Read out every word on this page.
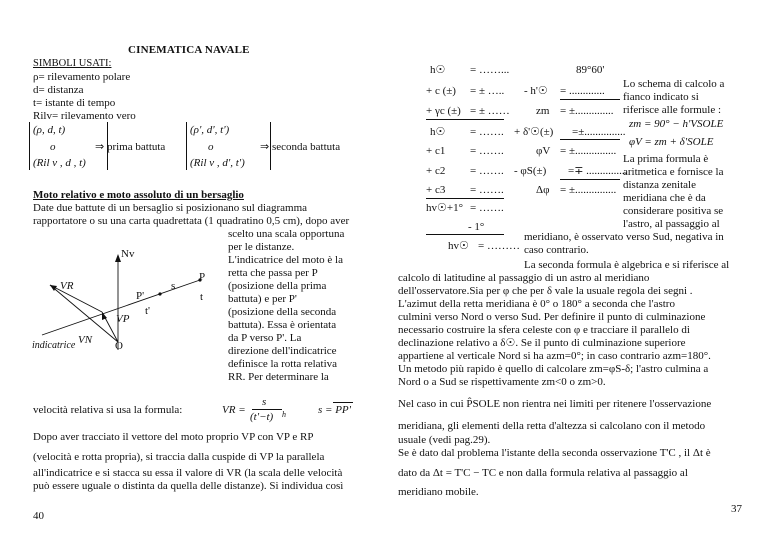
CINEMATICA NAVALE
SIMBOLI USATI:
ρ= rilevamento polare
d= distanza
t= istante di tempo
Rilv= rilevamento vero
(ρ, d, t)
o
(Ril v , d , t)
⇒ prima battuta
(ρ', d', t')
o
(Ril v , d', t')
⇒ seconda battuta
Moto relativo e moto assoluto di un bersaglio
Date due battute di un bersaglio si posizionano sul diagramma
rapportatore o su una carta quadrettata (1 quadratino 0,5 cm), dopo aver
scelto una scala opportuna
per le distanze.
L'indicatrice del moto è la
retta che passa per P
(posizione della prima
battuta) e per P'
(posizione della seconda
battuta). Essa è orientata
da P verso P'. La
direzione dell'indicatrice
definisce la rotta relativa
RR. Per determinare la
Nv
VR
P
P'
s
t
t'
VP
VN O
indicatrice
velocità relativa si usa la formula:	VR =
s
(t'−t) h	s = PP'
Dopo aver tracciato il vettore del moto proprio VP con VP e RP
(velocità e rotta propria), si traccia dalla cuspide di VP la parallela
all'indicatrice e si stacca su essa il valore di VR (la scala delle velocità
può essere uguale o distinta da quella delle distanze). Si individua così
40
h☉ = ……...
+ c (±) = ± …..
+ γc (±) = ± ……
h☉ = …….
+ c1 = …….
+ c2 = …….
+ c3 = …….
hv☉+1° = …….
- 1°
hv☉ = ………
89°60'
- h'☉ = .............
zm = ±..............
+ δ'☉(±) =±...............
φV = ±...............
- φS(±) =∓ ...............
Δφ = ±...............
Lo schema di calcolo a
fianco indicato si
riferisce alle formule :
zm = 90° − h'VSOLE
φV = zm + δ'SOLE
La prima formula è
aritmetica e fornisce la
distanza zenitale
meridiana che è da
considerare positiva se
l'astro, al passaggio al
meridiano, è osservato verso Sud, negativa in
caso contrario.
La seconda formula è algebrica e si riferisce al
calcolo di latitudine al passaggio di un astro al meridiano
dell'osservatore.Sia per φ che per δ vale la usuale regola dei segni .
L'azimut della retta meridiana è 0° o 180° a seconda che l'astro
culmini verso Nord o verso Sud. Per definire il punto di culminazione
necessario costruire la sfera celeste con φ e tracciare il parallelo di
declinazione relativo a δ☉. Se il punto di culminazione superiore
appartiene al verticale Nord si ha azm=0°; in caso contrario azm=180°.
Un metodo più rapido è quello di calcolare zm=φS-δ; l'astro culmina a
Nord o a Sud se rispettivamente zm<0 o zm>0.
Nel caso in cui P̂SOLE non rientra nei limiti per ritenere l'osservazione
meridiana, gli elementi della retta d'altezza si calcolano con il metodo
usuale (vedi pag.29).
Se è dato dal problema l'istante della seconda osservazione T'C , il Δt è
dato da Δt = T'C − TC e non dalla formula relativa al passaggio al
meridiano mobile.
37
